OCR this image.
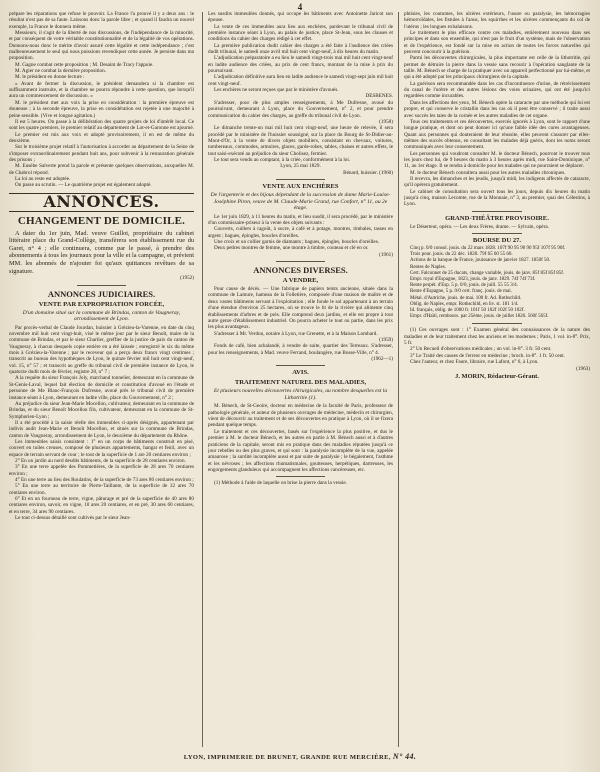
4

prépare les réparations que refuse le pouvoir. La France l'a prouvé il y a deux ans : le résultat n'est pas de sa faute. Laissons donc la parole libre ; et quand il faudra un nouvel exemple, la France le donnera même.

Messieurs, il s'agit de la liberté de nos discussions, de l'indépendance de la minorité, et par conséquent de votre véritable constitutionnalité et de la légalité de vos opérations. Donnons-nous donc le mérite d'avoir assuré cette légalité et cette indépendance ; c'est malheureusement le seul qui nous puissions revendiquer cette année. Je persiste dans ma proposition.

M. Gagne combat cette proposition ; M. Desaint de Tracy l'appuie.

M. Agier ne combat la dernière proposition.

M. le président en donne lecture :

« Avant de fermer la discussion, le président demandera si la chambre est suffisamment instruite, et la chambre ne pourra répondre à cette question, que lorsqu'il aura un commencement de discussion. »

M. le président met aux voix la prise en considération : la première épreuve est douteuse ; à la seconde épreuve, la prise en considération est rejetée à une majorité à peine sensible. (Vive et longue agitation.)

Il est 5 heures. On passe à la délibération des quatre projets de loi d'intérêt local. Ce sont les quatre premiers, le premier relatif au département de Lot-et-Garonne est ajourné.

Le premier est mis aux voix et adopté provisoirement, il en est de même du deuxième.

Sur le troisième projet relatif à l'autorisation à accorder au département de la Seine de s'imposer extraordinairement pendant huit ans, pour subvenir à la restauration générale des prisons ;

M. Eusèbe Salverte prend la parole et présente quelques observations, auxquelles M. de Chabrol répond.

La loi au reste est adoptée.

On passe au scrutin. — Le quatrième projet est également adopté.

ANNONCES.
CHANGEMENT DE DOMICILE.

A dater du 1er juin, Mad. veuve Guillot, propriétaire du cabinet littéraire place du Grand-Collège, transfèrera son établissement rue du Garet, n° 4 ; elle continuera, comme par le passé, à prendre des abonnements à tous les journaux pour la ville et la campagne, et prévient MM. les abonnés de n'ajouter foi qu'aux quittances revêtues de sa signature.

(1952)
ANNONCES JUDICIAIRES.
VENTE PAR EXPROPRIATION FORCÉE,
D'un domaine situé sur la commune de Brindas, canton de Vaugneray, arrondissement de Lyon.

Par procès-verbal de Claude Jourdan, huissier à Grézieu-la-Varenne, en date du cinq novembre mil huit cent vingt-huit, visé le même jour par le sieur Benoît, maire de la commune de Brindas, et par le sieur Charlier, greffier de la justice de paix du canton de Vaugneray, à chacun desquels copie entière en a été laissée ; enregistré le six du même mois à Grézieu-la-Varenne ; par le receveur qui a perçu deux francs vingt centimes ; transcrit au bureau des hypothèques de Lyon, le quinze février mil huit cent vingt-neuf, vol. 15, n° 57 ; et transcrit au greffe du tribunal civil de première instance de Lyon, le quatorze dudit mois de février, registre 28, n° 7 ;

A la requête du sieur François Joly, marchand tonnelier, demeurant en la commune de St-Genis-Laval, lequel fait élection de domicile et constitution d'avoué en l'étude et personne de Me Blanc-François Dufresne, avoué près le tribunal civil de première instance séant à Lyon, demeurant en ladite ville, place du Gouvernement, n° 2 ;

Au préjudice du sieur Jean-Marie Mocellon, cultivateur, demeurant en la commune de Brindas, et du sieur Benoît Mocellon fils, cultivateur, demeurant en la commune de St-Symphorien-Lyon ;

Il a été procédé à la saisie réelle des immeubles ci-après désignés, appartenant par indivis audit Jean-Marie et Benoît Mocellon, et situés sur la commune de Brindas, canton de Vaugneray, arrondissement de Lyon, le deuxième du département du Rhône.

Les immeubles saisis consistent : 1° en un corps de bâtiments construit en pisé, couvert en tuiles creuses, composé de plusieurs appartements, hangar et fenil, avec un espace de terrain servant de cour ; le tout de la superficie de 1 are 20 centiares environ ;

2° En un jardin au nord desdits bâtiments, de la superficie de 28 centiares environ.

3° En une terre appelée des Pommetières, de la superficie de 28 ares 70 centiares environ ;

4° En une terre au lieu des Roulatins, de la superficie de 73 ares 80 centiares environ ;

5° En une terre au territoire de Pierre-Taillante, de la superficie de 32 ares 70 centiares environ.

6° Et en un fourneau de terre, vigne, pâturage et pré de la superficie de 40 ares 80 centiares environ, savoir, en vigne, 10 ares 20 centiares, et en pré, 30 ares 60 centiares, et en terre, 34 ares 90 centiares.

Le tout ci-dessus détaillé sont cultivés par le sieur Jean-

Les susdits immeubles donnés, qui occupe les bâtiments avec Antoinette Jaricot son épouse.

La vente de ces immeubles aura lieu aux enchères, pardevant le tribunal civil de première instance séant à Lyon, au palais de justice, place St-Jean, sous les clauses et conditions du cahier des charges rédigé à cet effet.

La première publication dudit cahier des charges a été faite à l'audience des criées dudit tribunal, le samedi onze avril mil huit cent vingt-neuf, à dix heures du matin.

L'adjudication préparatoire a eu lieu le samedi vingt-trois mai mil huit cent vingt-neuf en ladite audience des criées, au prix de cent francs, montant de la mise à prix du poursuivant.

L'adjudication définitive aura lieu en ladite audience le samedi vingt-sept juin mil huit cent vingt-neuf.

Les enchères ne seront reçues que par le ministère d'avoués.

DESBENES.

S'adresser, pour de plus amples renseignements, à Me Dufresne, avoué du poursuivant, demeurant à Lyon, place du Gouvernement, n° 2, et pour prendre communication du cahier des charges, au greffe du tribunal civil de Lyon.

(1958)

Le dimanche trente-un mai mil huit cent vingt-neuf, une heure de relevée, il sera procédé par le ministère de l'huissier soussigné, sur la place du Bourg de St-Didier-au-Mont-d'Or, à la vente de divers objets mobiliers, consistant en chevaux, voitures, tombereaux, commodes, armoires, glaces, garde-robes, tables, chaises et autres effets, le tout saisi-exécuté au préjudice du sieur Cholisez, fermier.

Le tout sera vendu au comptant, à la criée, conformément à la loi.

Lyon, 25 mai 1829.
Bénard, huissier. (1960)
VENTE AUX ENCHÈRES
De l'argenterie et des bijoux dépendant de la succession de dame Marie-Louise-Joséphine Piron, veuve de M. Claude-Marie Grand, rue Confort, n° 11, au 2e étage.

Le 1er juin 1829, à 11 heures du matin, et lieu susdit, il sera procédé, par le ministère d'un commissaire-priseur à la vente des objets suivants :

Couverts, cuillers à ragoût, à sucre, à café et à potage, montres, timbales, tasses en argent ; bagues, épingles, boucles d'oreilles.

Une croix et un collier garnis de diamants ; bagues, épingles, boucles d'oreilles.

Deux petites montres de femme, une montre à timbre, couteau et clé en or.

(1961)
ANNONCES DIVERSES.
A VENDRE,

Pour cause de décès. — Une fabrique de papiers teints ancienne, située dans la commune de Lamure, hameau de la Folletière, composée d'une maison de maître et de deux vastes bâtiments servant à l'exploitation ; elle fonde le sol appartenant à un terrain d'une étendue d'environ 25 hectares, où se trouve le lit de la rivière qui alimente cinq établissements d'arbres et de près. Elle comprend deux jardins, et elle est propre à tout autre genre d'établissement industriel. On pourra acheter le tout ou partie, dans les prix les plus avantageux.

S'adresser à Mr. Verdun, notaire à Lyon, rue Grenette, et à la Maison Lombard.

(1959)

Fonds de café, bien achalandé, à vendre de suite, quartier des Terreaux. S'adresser, pour les renseignements, à Mad. veuve Ferrand, boulangère, rue Bosse-Ville, n° 4.

(1962—1)
AVIS.
TRAITEMENT NATUREL DES MALADIES,
Et plusieurs nouvelles découvertes chirurgicales, au nombre desquelles est la Lithotritie (1).

M. Bénech, de St-Geoire, docteur en médecine de la faculté de Paris, professeur de pathologie générale, et auteur de plusieurs ouvrages de médecine, médecin et chirurgien, vient de découvrir au traitement et de ses découvertes en pratique à Lyon, où il se fixera pendant quelque temps.

Le traitement et ces découvertes, basés sur l'expérience la plus positive, et dus le premier à M. le docteur Bénech, et les autres en partie à M. Bénech aussi et à d'autres praticiens de la capitale, seront mis en pratique dans des maladies réputées jusqu'à ce jour rebelles ou des plus graves, et qui sont : la paralysie incomplète de la vue, appelée amaurose ; la surdité incomplète aussi et par suite de paralysie ; le bégaiement, l'asthme et les névroses ; les affections rhumatismales, goutteuses, herpétiques, dartreuses, les engorgements glanduleux qui accompagnent les affections cancéreuses, etc.

(1) Méthode à l'aide de laquelle on brise la pierre dans la vessie.

phtisies, les coutumes, les ulcères extérieurs, l'usure ou paralysie, les hémorragies hémorroïdales, les fistules à l'anus, les squirrhes et les ulcères commençants du col de l'utérus ; les longues exhalaisons.

Le traitement le plus efficace contre ces maladies, entièrement nouveau dans ses principes et dans son ensemble, qui n'est pas le fruit d'un système, mais de l'observation et de l'expérience, est fondé sur la mise en action de toutes les forces naturelles qui peuvent concourir à la guérison.

Parmi les découvertes chirurgicales, la plus importante est celle de la lithotritie, qui permet de détruire la pierre dans la vessie sans recourir à l'opération sanglante de la taille. M. Bénech se charge de la pratiquer avec un appareil perfectionné par lui-même, et qui a été adopté par les principaux chirurgiens de la capitale.

La guérison sera recommandée dans les cas d'incontinence d'urine, de rétrécissement du canal de l'urètre et des autres lésions des voies urinaires, qui ont été jusqu'ici regardées comme incurables.

Dans les affections des yeux, M. Bénech opère la cataracte par une méthode qui lui est propre, et qui conserve le cristallin dans les cas où il peut être conservé ; il traite aussi avec succès les taies de la cornée et les autres maladies de cet organe.

Tous ces traitements et ces découvertes, exercés ignorés à Lyon, sont le rapport d'une longue pratique, et dont on peut donner ici qu'une faible idée des cures avantageuses. Quant aux personnes qui douteraient de leur réussite, elles peuvent s'assurer par elles-mêmes des succès obtenus, en consultant les malades déjà guéris, dont les noms seront communiqués avec leur consentement.

Les personnes qui voudront consulter M. le docteur Bénech, pourront le trouver tous les jours chez lui, de 9 heures du matin à 3 heures après midi, rue Saint-Dominique, n° 11, au 1er étage. Il se rendra à domicile pour les malades qui ne pourraient se déplacer.

M. le docteur Bénech consultera aussi pour les autres maladies chroniques.

Il recevra, les dimanches et les jeudis, jusqu'à midi, les indigents affectés de cataracte, qu'il opérera gratuitement.

Le cabinet de consultation sera ouvert tous les jours, depuis dix heures du matin jusqu'à cinq, maison Lecomte, rue de la Monnaie, n° 3, au premier, quai des Célestins, à Lyon.

GRAND-THÉÂTRE PROVISOIRE.

Le Déserteur, opéra. — Les deux Frères, drame. — Sylvain, opéra.

BOURSE DU 27.

Cinq p. 0/0 consol. jouis. du 22 mars 1828. 107f 90 95 90 90 95f 107f 95 90f.

Trois pour. jouis. du 22 déc. 1828. 79f 65 60 55 60.

Actions de la banque de France, jouissance de janvier 1827. 1850f 50.

Rentes de Naples.

Cert. Falconnet de 25 ducats, change variable, jouis. de janv. 85f 85f 85f 85f.

Empr. royal d'Espagne, 1823, jouis. de janv. 1829. 74f 74f 73f.

Rente perpét. d'Esp. 5 p. 0/0, jouis. de juill. 55 55 3/4.

Rente d'Espagne, 5 p. 0/0 cert. franç. jouis. de mai.

Métal. d'Autriche, jouis. de mai. 100 fr. Ad. Rothschild.

Oblig. de Naples, empr. Rothschild, en liv. st. 181 1/4.

Id. français, oblig. de 1000 fr. 101f 50 102f 102f 50 102f.

Empr. d'Haïti, rembours. par 25ème, jouis. de juillet 1826. 560f 565f.

(1) Ces ouvrages sont : 1° Examen général des connaissances de la nature des maladies et de leur traitement chez les anciens et les modernes ; Paris, 1 vol. in-8°. Prix, 5 fr.

2° Un Recueil d'observations médicales ; un vol. in-8°. 3 fr. 50 cent.

3° Le Traité des causes de l'erreur en médecine ; broch. in-8°. 1 fr. 50 cent.

Chez l'auteur, et chez Faure, libraire, rue Lafont, n° 6, à Lyon.

(1963)
J. MORIN, Rédacteur-Gérant.
LYON, IMPRIMERIE DE BRUNET, GRANDE RUE MERCIÈRE, N° 44.
